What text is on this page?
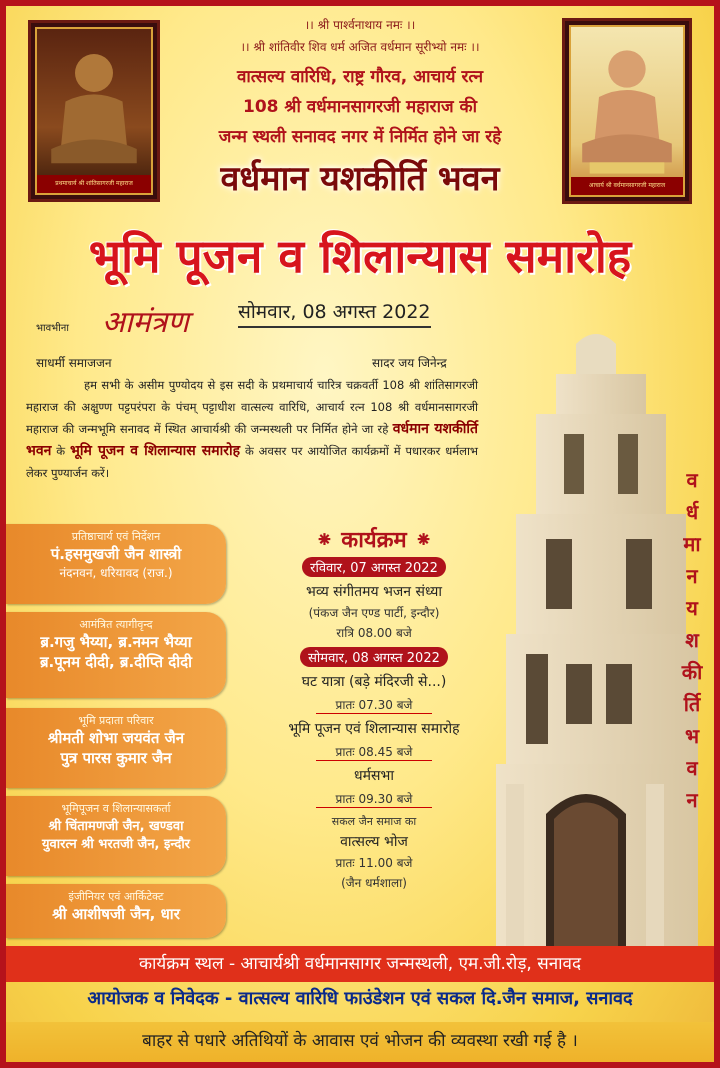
प्रथमाचार्य श्री शांतिसागरजी महाराज	आचार्य श्री वर्धमानसागरजी महाराज
।। श्री पार्श्वनाथाय नमः ।।
।। श्री शांतिवीर शिव धर्म अजित वर्धमान सूरीभ्यो नमः ।।
वात्सल्य वारिधि, राष्ट्र गौरव, आचार्य रत्न
108 श्री वर्धमानसागरजी महाराज की
जन्म स्थली सनावद नगर में निर्मित होने जा रहे
वर्धमान यशकीर्ति भवन
भूमि पूजन व शिलान्यास समारोह
भावभीना आमंत्रण	सोमवार, 08 अगस्त 2022
साधर्मी समाजजन	सादर जय जिनेन्द्र
हम सभी के असीम पुण्योदय से इस सदी के प्रथमाचार्य चारित्र चक्रवर्ती 108 श्री शांतिसागरजी महाराज की अक्षुण्ण पट्टपरंपरा के पंचम् पट्टाधीश वात्सल्य वारिधि, आचार्य रत्न 108 श्री वर्धमानसागरजी महाराज की जन्मभूमि सनावद में स्थित आचार्यश्री की जन्मस्थली पर निर्मित होने जा रहे वर्धमान यशकीर्ति भवन के भूमि पूजन व शिलान्यास समारोह के अवसर पर आयोजित कार्यक्रमों में पधारकर धर्मलाभ लेकर पुण्यार्जन करें।	व
र्ध
मा
न
य
श
की
र्ति
भ
व
न
प्रतिष्ठाचार्य एवं निर्देशन
पं.हसमुखजी जैन शास्त्री
नंदनवन, धरियावद (राज.)
आमंत्रित त्यागीवृन्द
ब्र.गजु भैय्या, ब्र.नमन भैय्या
ब्र.पूनम दीदी, ब्र.दीप्ति दीदी
भूमि प्रदाता परिवार
श्रीमती शोभा जयवंत जैन
पुत्र पारस कुमार जैन
भूमिपूजन व शिलान्यासकर्ता
श्री चिंतामणजी जैन, खण्डवा
युवारत्न श्री भरतजी जैन, इन्दौर
इंजीनियर एवं आर्किटेक्ट
श्री आशीषजी जैन, धार
⁕ कार्यक्रम ⁕
रविवार, 07 अगस्त 2022
भव्य संगीतमय भजन संध्या
(पंकज जैन एण्ड पार्टी, इन्दौर)
रात्रि 08.00 बजे
सोमवार, 08 अगस्त 2022
घट यात्रा (बड़े मंदिरजी से...)
प्रातः 07.30 बजे
भूमि पूजन एवं शिलान्यास समारोह
प्रातः 08.45 बजे
धर्मसभा
प्रातः 09.30 बजे
सकल जैन समाज का
वात्सल्य भोज
प्रातः 11.00 बजे
(जैन धर्मशाला)
कार्यक्रम स्थल - आचार्यश्री वर्धमानसागर जन्मस्थली, एम.जी.रोड़, सनावद
आयोजक व निवेदक - वात्सल्य वारिधि फाउंडेशन एवं सकल दि.जैन समाज, सनावद
बाहर से पधारे अतिथियों के आवास एवं भोजन की व्यवस्था रखी गई है ।
